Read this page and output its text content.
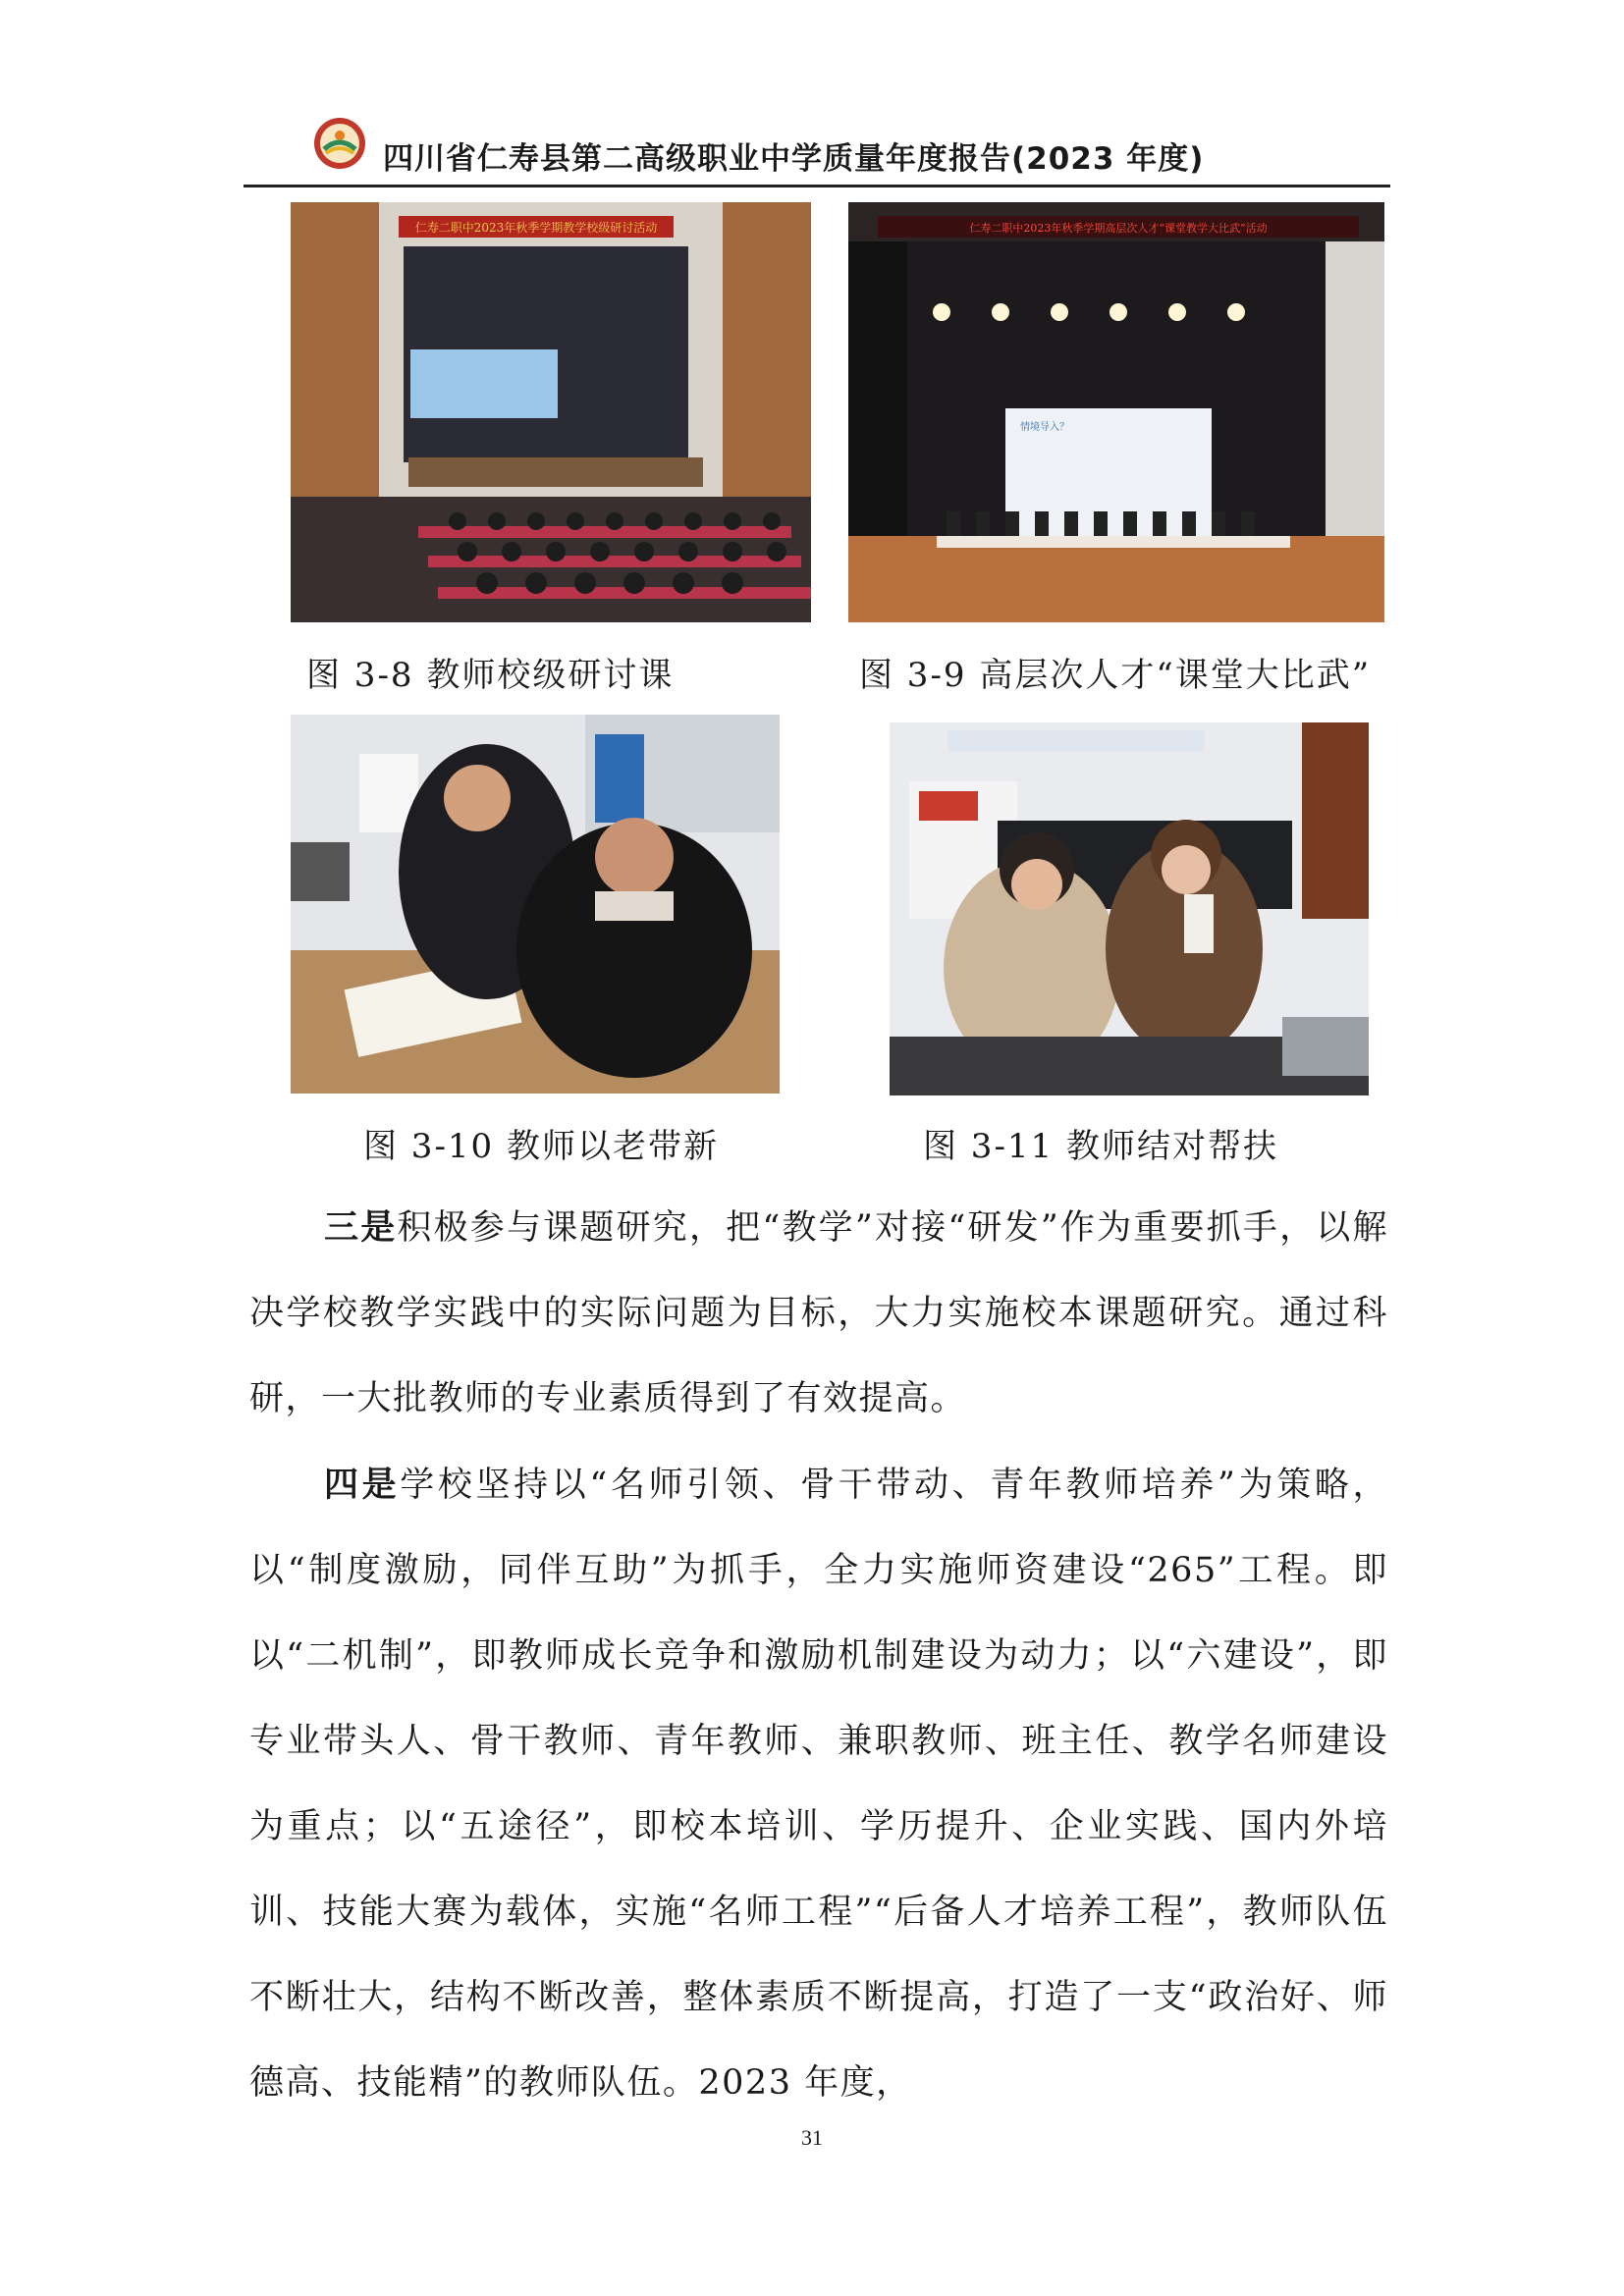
四川省仁寿县第二高级职业中学质量年度报告(2023 年度)
仁寿二职中2023年秋季学期教学校级研讨活动
图 3-8 教师校级研讨课
仁寿二职中2023年秋季学期高层次人才“课堂教学大比武”活动
情境导入？
图 3-9 高层次人才“课堂大比武”
图 3-10 教师以老带新	图 3-11 教师结对帮扶
三是积极参与课题研究，把“教学”对接“研发”作为重要抓手，以解决学校教学实践中的实际问题为目标，大力实施校本课题研究。通过科研，一大批教师的专业素质得到了有效提高。
四是学校坚持以“名师引领、骨干带动、青年教师培养”为策略，以“制度激励，同伴互助”为抓手，全力实施师资建设“265”工程。即以“二机制”，即教师成长竞争和激励机制建设为动力；以“六建设”，即专业带头人、骨干教师、青年教师、兼职教师、班主任、教学名师建设为重点；以“五途径”，即校本培训、学历提升、企业实践、国内外培训、技能大赛为载体，实施“名师工程”“后备人才培养工程”，教师队伍不断壮大，结构不断改善，整体素质不断提高，打造了一支“政治好、师德高、技能精”的教师队伍。2023 年度，
31
